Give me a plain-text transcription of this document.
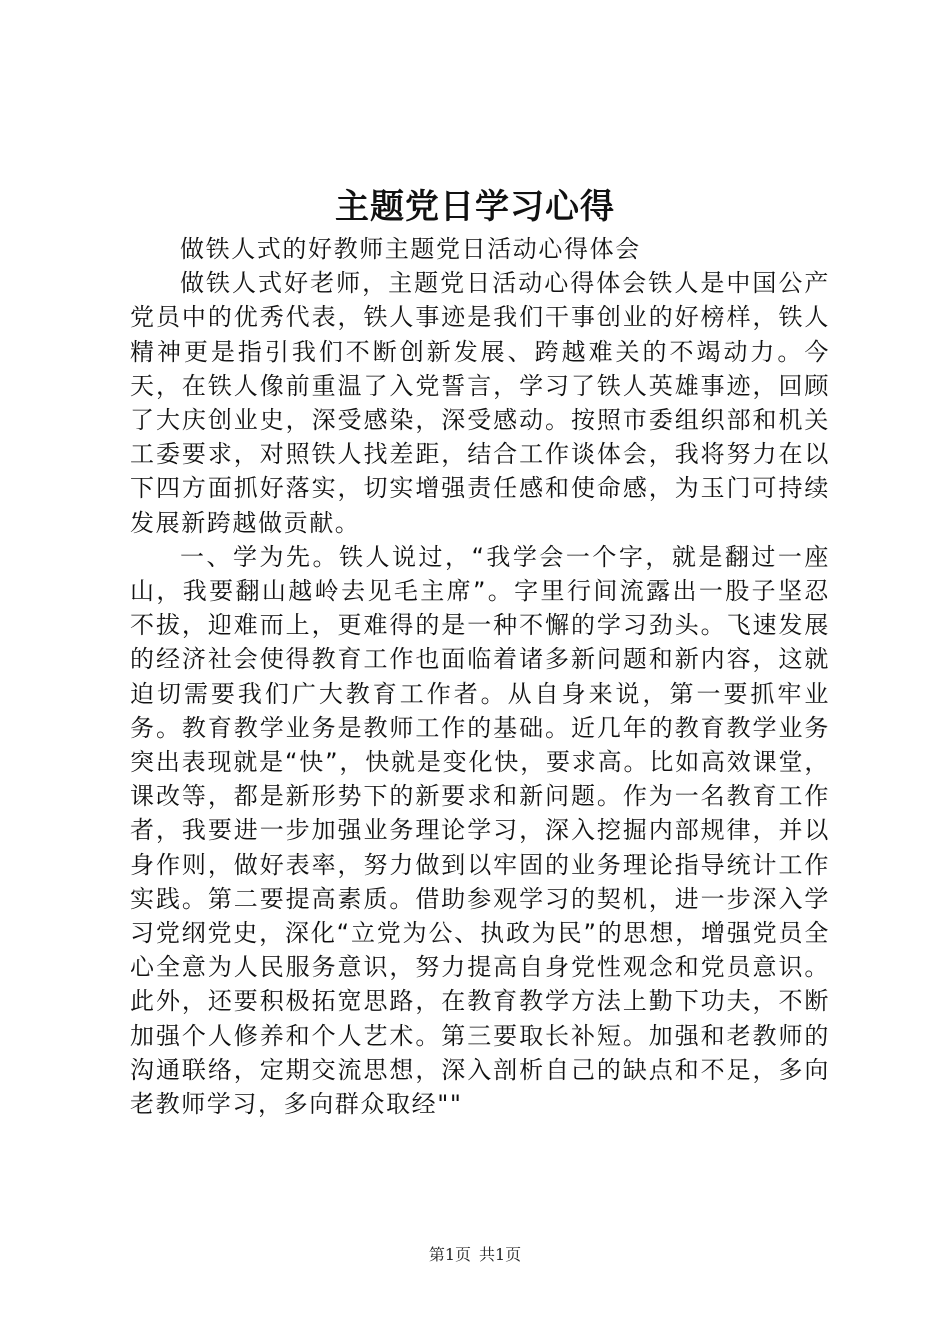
主题党日学习心得

做铁人式的好教师主题党日活动心得体会

做铁人式好老师，主题党日活动心得体会铁人是中国公产党员中的优秀代表，铁人事迹是我们干事创业的好榜样，铁人精神更是指引我们不断创新发展、跨越难关的不竭动力。今天，在铁人像前重温了入党誓言，学习了铁人英雄事迹，回顾了大庆创业史，深受感染，深受感动。按照市委组织部和机关工委要求，对照铁人找差距，结合工作谈体会，我将努力在以下四方面抓好落实，切实增强责任感和使命感，为玉门可持续发展新跨越做贡献。

一、学为先。铁人说过，“我学会一个字，就是翻过一座山，我要翻山越岭去见毛主席”。字里行间流露出一股子坚忍不拔，迎难而上，更难得的是一种不懈的学习劲头。飞速发展的经济社会使得教育工作也面临着诸多新问题和新内容，这就迫切需要我们广大教育工作者。从自身来说，第一要抓牢业务。教育教学业务是教师工作的基础。近几年的教育教学业务突出表现就是“快”，快就是变化快，要求高。比如高效课堂，课改等，都是新形势下的新要求和新问题。作为一名教育工作者，我要进一步加强业务理论学习，深入挖掘内部规律，并以身作则，做好表率，努力做到以牢固的业务理论指导统计工作实践。第二要提高素质。借助参观学习的契机，进一步深入学习党纲党史，深化“立党为公、执政为民”的思想，增强党员全心全意为人民服务意识，努力提高自身党性观念和党员意识。此外，还要积极拓宽思路，在教育教学方法上勤下功夫，不断加强个人修养和个人艺术。第三要取长补短。加强和老教师的沟通联络，定期交流思想，深入剖析自己的缺点和不足，多向老教师学习，多向群众取经""

第1页 共1页
